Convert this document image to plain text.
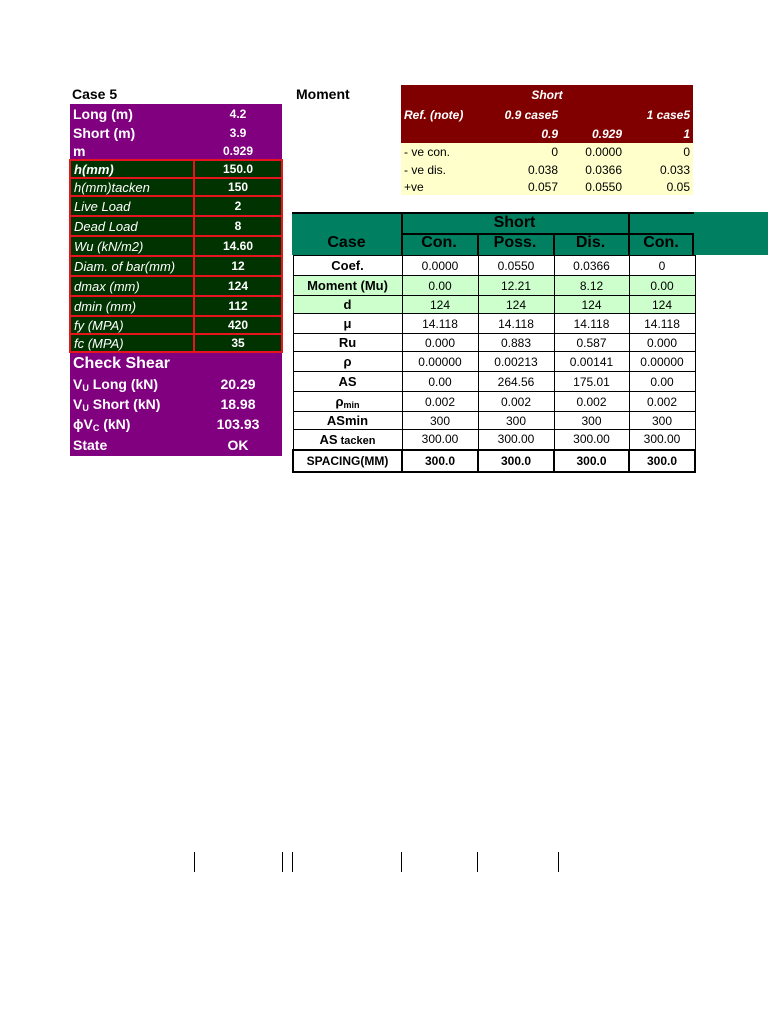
Case 5	Moment
Long (m)	4.2
Short (m)	3.9
m	0.929
h(mm)	150.0
h(mm)tacken	150
Live Load	2
Dead Load	8
Wu (kN/m2)	14.60
Diam. of bar(mm)	12
dmax (mm)	124
dmin (mm)	112
fy (MPA)	420
fc (MPA)	35
Check Shear	
$V_U$ Long (kN)	20.29
$V_U$ Short (kN)	18.98
$\phi V_C$ (kN)	103.93
State	OK
Short			
Ref. (note)	0.9 case5		1 case5
	0.9	0.929	1
- ve con.	0	0.0000	0
- ve dis.	0.038	0.0366	0.033
+ve	0.057	0.0550	0.05
Short
Case	Con.	Poss.	Dis.	Con.
Coef.	0.0000	0.0550	0.0366	0
Moment (Mu)	0.00	12.21	8.12	0.00
d	124	124	124	124
μ	14.118	14.118	14.118	14.118
Ru	0.000	0.883	0.587	0.000
ρ	0.00000	0.00213	0.00141	0.00000
AS	0.00	264.56	175.01	0.00
ρmin	0.002	0.002	0.002	0.002
ASmin	300	300	300	300
AS tacken	300.00	300.00	300.00	300.00
SPACING(MM)	300.0	300.0	300.0	300.0
